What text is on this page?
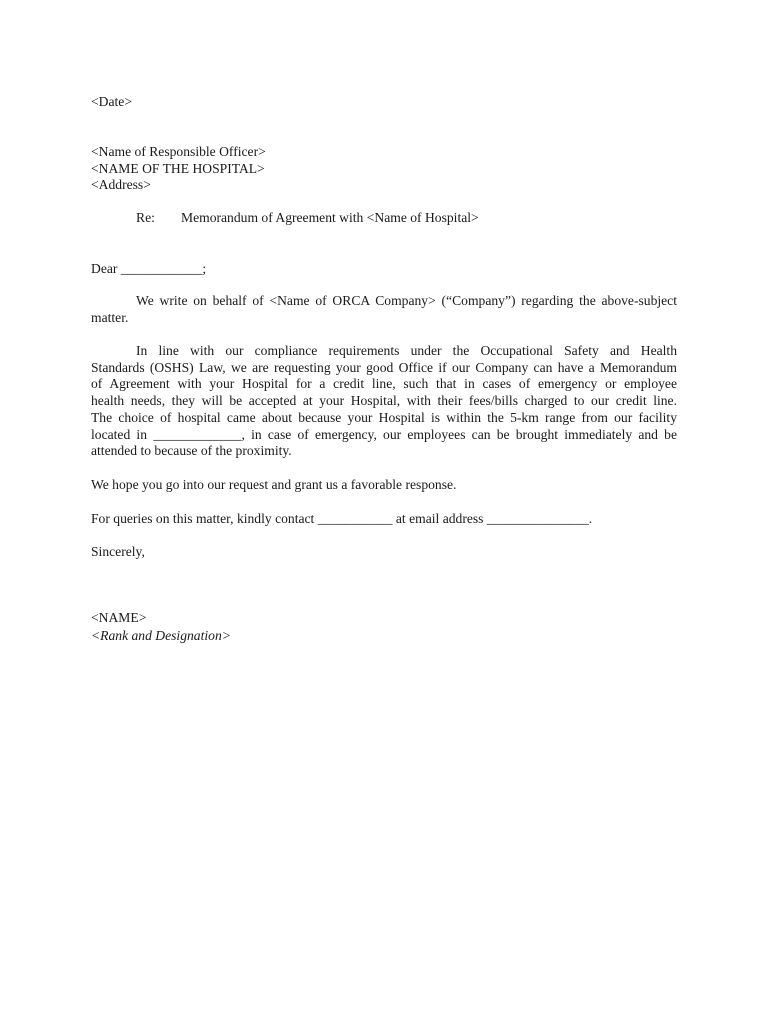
<Date>
<Name of Responsible Officer>
<NAME OF THE HOSPITAL>
<Address>
Re: Memorandum of Agreement with <Name of Hospital>
Dear ____________;
We write on behalf of <Name of ORCA Company> (“Company”) regarding the above-subject
matter.
In line with our compliance requirements under the Occupational Safety and Health
Standards (OSHS) Law, we are requesting your good Office if our Company can have a Memorandum
of Agreement with your Hospital for a credit line, such that in cases of emergency or employee
health needs, they will be accepted at your Hospital, with their fees/bills charged to our credit line.
The choice of hospital came about because your Hospital is within the 5-km range from our facility
located in _____________, in case of emergency, our employees can be brought immediately and be
attended to because of the proximity.
We hope you go into our request and grant us a favorable response.
For queries on this matter, kindly contact ___________ at email address _______________.
Sincerely,
<NAME>
<Rank and Designation>
